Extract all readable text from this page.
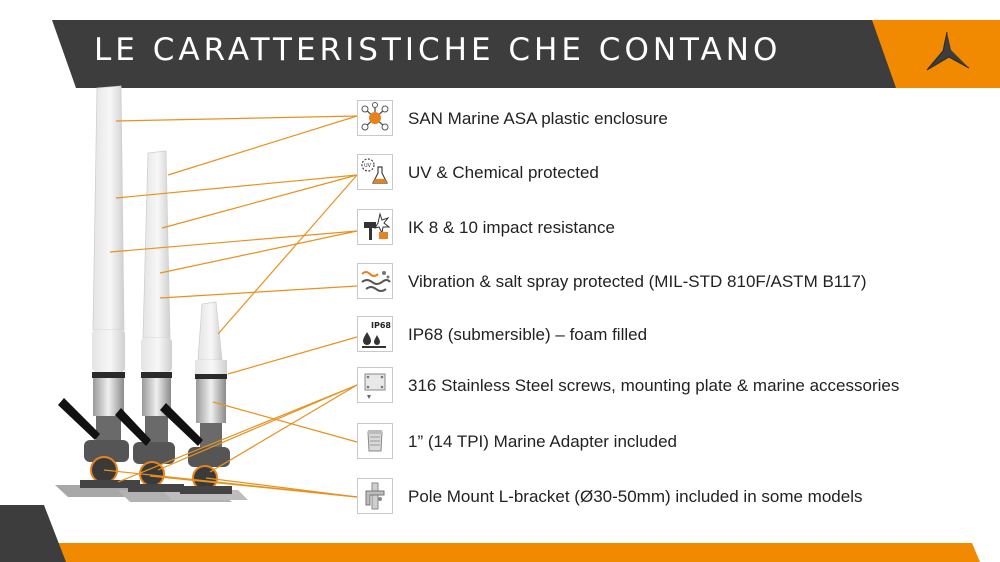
LE CARATTERISTICHE CHE CONTANO
SAN Marine ASA plastic enclosure
UV UV & Chemical protected
IK 8 & 10 impact resistance
Vibration & salt spray protected (MIL-STD 810F/ASTM B117)
IP68 IP68 (submersible) – foam filled
316 Stainless Steel screws, mounting plate & marine accessories
1” (14 TPI) Marine Adapter included
Pole Mount L-bracket (Ø30-50mm) included in some models
